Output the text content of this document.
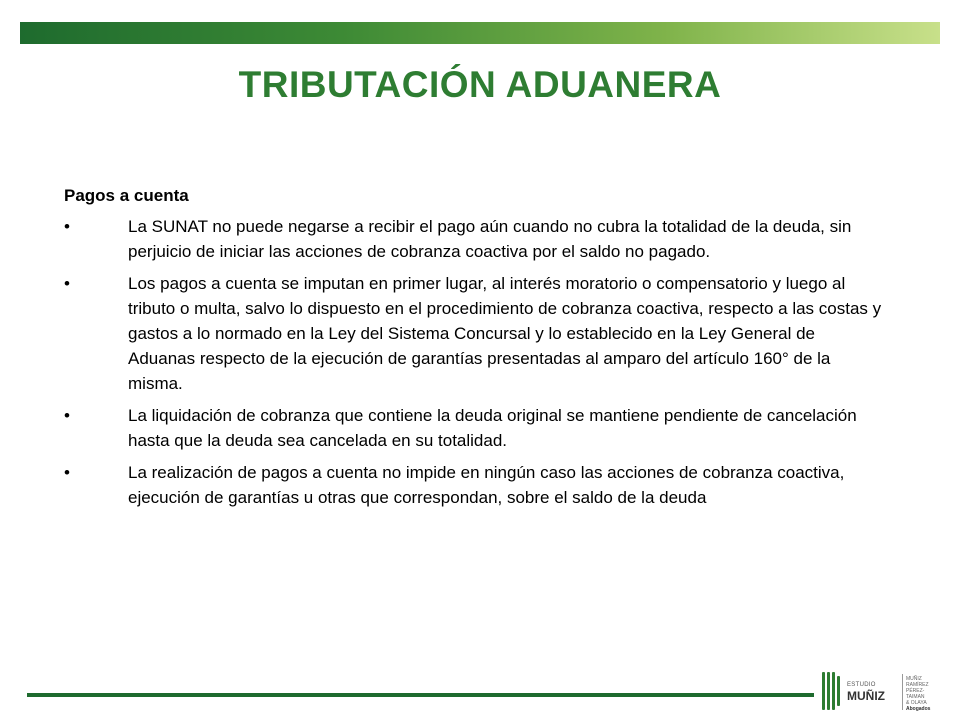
TRIBUTACIÓN ADUANERA
Pagos a cuenta
•	La SUNAT no puede negarse a recibir el pago aún cuando no cubra la totalidad de la deuda, sin perjuicio de iniciar las acciones de cobranza coactiva por el saldo no pagado.
•	Los pagos a cuenta se imputan en primer lugar, al interés moratorio o compensatorio y luego al tributo o multa, salvo lo dispuesto en el procedimiento de cobranza coactiva, respecto a las costas y gastos a lo normado en la Ley del Sistema Concursal y lo establecido en la Ley General de Aduanas respecto de la ejecución de garantías presentadas al amparo del artículo 160° de la misma.
•	La liquidación de cobranza que contiene la deuda original se mantiene pendiente de cancelación hasta que la deuda sea cancelada en su totalidad.
•	La realización de pagos a cuenta no impide en ningún caso las acciones de cobranza coactiva, ejecución de garantías u otras que correspondan, sobre el saldo de la deuda
ESTUDIO
MUÑIZ
MUÑIZ
RAMÍREZ
PÉREZ-TAIMAN
& OLAYA
Abogados
